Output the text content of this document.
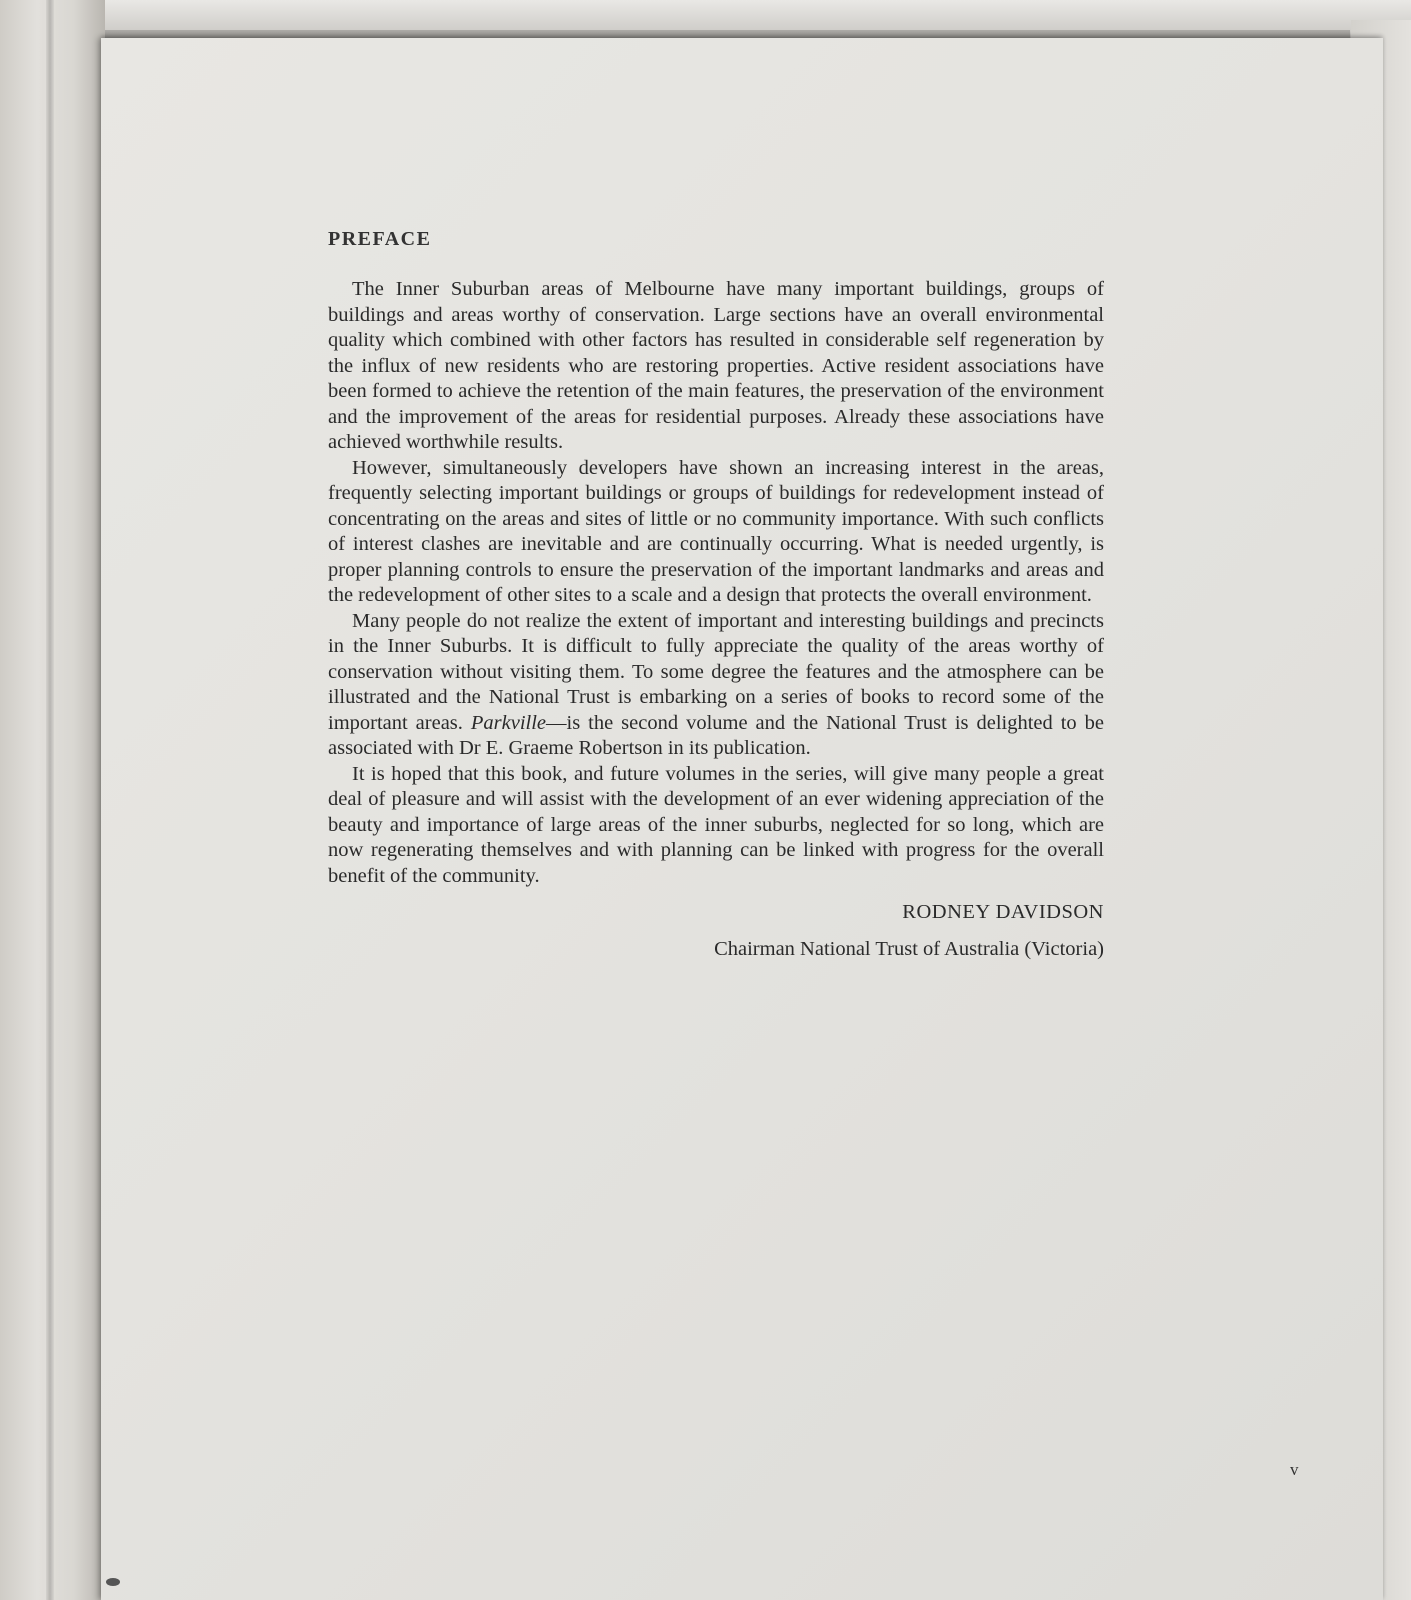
PREFACE

The Inner Suburban areas of Melbourne have many important buildings, groups of buildings and areas worthy of conservation. Large sections have an overall environmental quality which combined with other factors has resulted in considerable self regeneration by the influx of new residents who are restoring properties. Active resident associations have been formed to achieve the retention of the main features, the preservation of the environment and the improvement of the areas for residential purposes. Already these associations have achieved worthwhile results.

However, simultaneously developers have shown an increasing interest in the areas, frequently selecting important buildings or groups of buildings for redevelopment instead of concentrating on the areas and sites of little or no community importance. With such conflicts of interest clashes are inevitable and are continually occurring. What is needed urgently, is proper planning controls to ensure the preservation of the important landmarks and areas and the redevelopment of other sites to a scale and a design that protects the overall environment.

Many people do not realize the extent of important and interesting buildings and precincts in the Inner Suburbs. It is difficult to fully appreciate the quality of the areas worthy of conservation without visiting them. To some degree the features and the atmosphere can be illustrated and the National Trust is embarking on a series of books to record some of the important areas. Parkville—is the second volume and the National Trust is delighted to be associated with Dr E. Graeme Robertson in its publication.

It is hoped that this book, and future volumes in the series, will give many people a great deal of pleasure and will assist with the development of an ever widening appreciation of the beauty and importance of large areas of the inner suburbs, neglected for so long, which are now regenerating themselves and with planning can be linked with progress for the overall benefit of the community.

RODNEY DAVIDSON
Chairman National Trust of Australia (Victoria)
v
